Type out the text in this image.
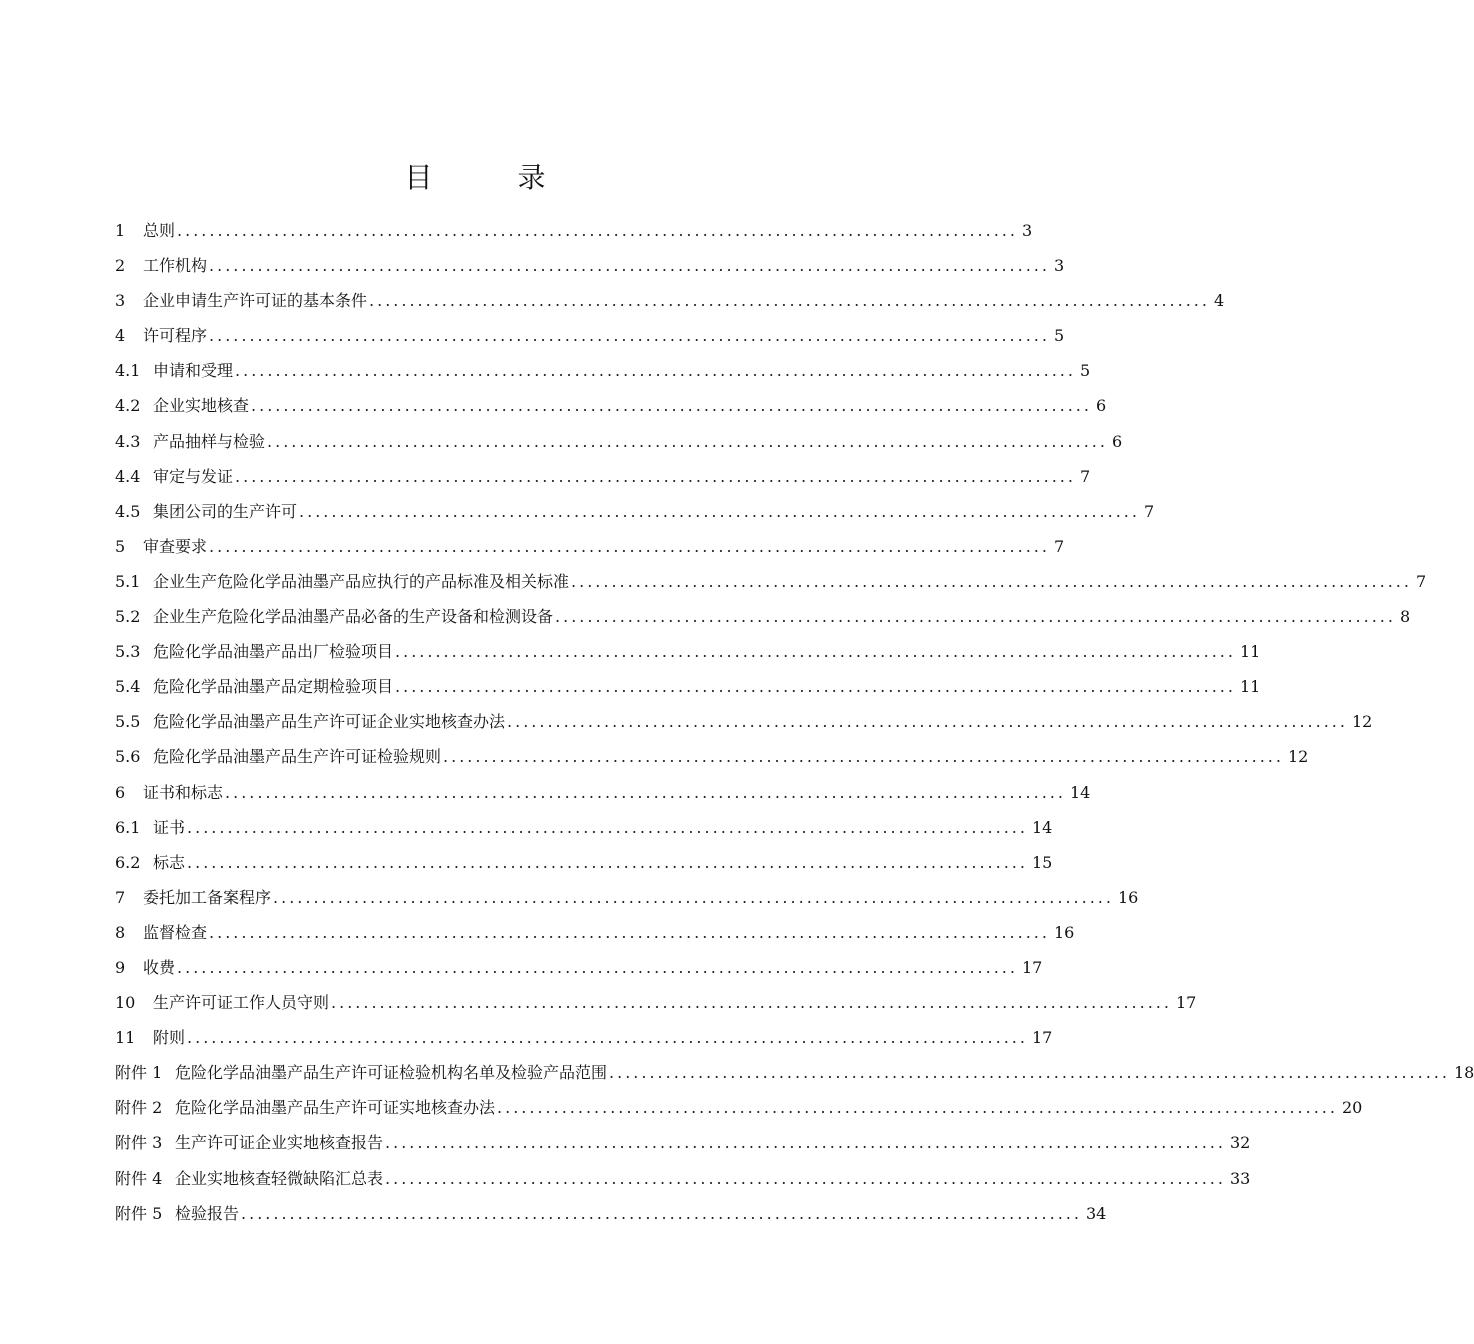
目 录
1	总则 ........................................................................................................ 3
2	工作机构 ........................................................................................................ 3
3	企业申请生产许可证的基本条件 ........................................................................................................ 4
4	许可程序 ........................................................................................................ 5
4.1 申请和受理 ........................................................................................................ 5
4.2 企业实地核查 ........................................................................................................ 6
4.3 产品抽样与检验 ........................................................................................................ 6
4.4 审定与发证 ........................................................................................................ 7
4.5 集团公司的生产许可 ........................................................................................................ 7
5	审查要求 ........................................................................................................ 7
5.1 企业生产危险化学品油墨产品应执行的产品标准及相关标准 ........................................................................................................ 7
5.2 企业生产危险化学品油墨产品必备的生产设备和检测设备 ........................................................................................................ 8
5.3 危险化学品油墨产品出厂检验项目 ........................................................................................................ 11
5.4 危险化学品油墨产品定期检验项目 ........................................................................................................ 11
5.5 危险化学品油墨产品生产许可证企业实地核查办法 ........................................................................................................ 12
5.6 危险化学品油墨产品生产许可证检验规则 ........................................................................................................ 12
6	证书和标志 ........................................................................................................ 14
6.1 证书 ........................................................................................................ 14
6.2 标志 ........................................................................................................ 15
7	委托加工备案程序 ........................................................................................................ 16
8	监督检查 ........................................................................................................ 16
9	收费 ........................................................................................................ 17
10	生产许可证工作人员守则 ........................................................................................................ 17
11	附则 ........................................................................................................ 17
附件 1 危险化学品油墨产品生产许可证检验机构名单及检验产品范围 ........................................................................................................ 18
附件 2 危险化学品油墨产品生产许可证实地核查办法 ........................................................................................................ 20
附件 3 生产许可证企业实地核查报告 ........................................................................................................ 32
附件 4 企业实地核查轻微缺陷汇总表 ........................................................................................................ 33
附件 5 检验报告 ........................................................................................................ 34
